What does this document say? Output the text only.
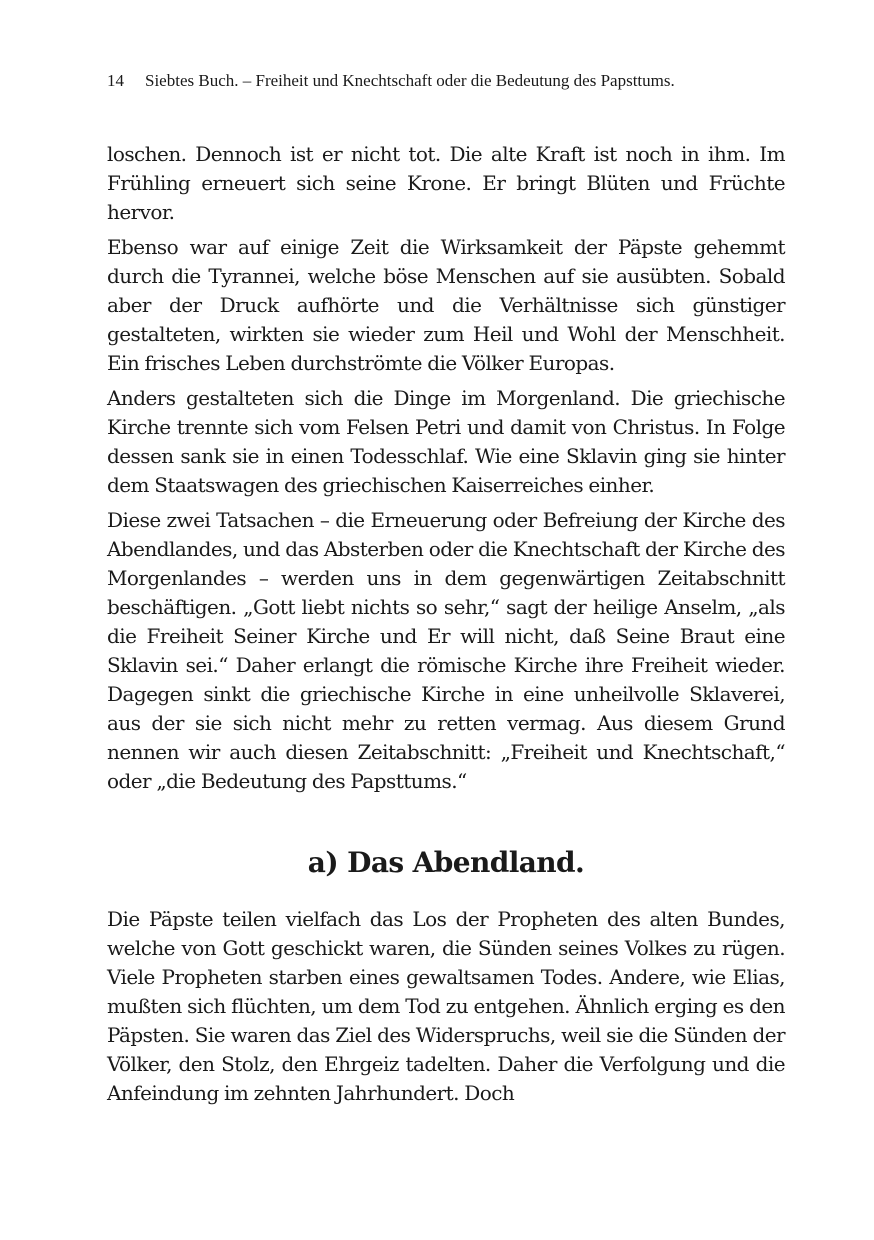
14 Siebtes Buch. – Freiheit und Knechtschaft oder die Bedeutung des Papsttums.

loschen. Dennoch ist er nicht tot. Die alte Kraft ist noch in ihm. Im Frühling erneuert sich seine Krone. Er bringt Blüten und Früchte hervor.

Ebenso war auf einige Zeit die Wirksamkeit der Päpste gehemmt durch die Tyrannei, welche böse Menschen auf sie ausübten. Sobald aber der Druck aufhörte und die Verhältnisse sich günstiger gestalteten, wirkten sie wieder zum Heil und Wohl der Menschheit. Ein frisches Leben durchströmte die Völker Europas.

Anders gestalteten sich die Dinge im Morgenland. Die griechische Kirche trennte sich vom Felsen Petri und damit von Christus. In Folge dessen sank sie in einen Todesschlaf. Wie eine Sklavin ging sie hinter dem Staatswagen des griechischen Kaiserreiches einher.

Diese zwei Tatsachen – die Erneuerung oder Befreiung der Kirche des Abendlandes, und das Absterben oder die Knechtschaft der Kirche des Morgenlandes – werden uns in dem gegenwärtigen Zeitabschnitt beschäftigen. „Gott liebt nichts so sehr,“ sagt der heilige Anselm, „als die Freiheit Seiner Kirche und Er will nicht, daß Seine Braut eine Sklavin sei.“ Daher erlangt die römische Kirche ihre Freiheit wieder. Dagegen sinkt die griechische Kirche in eine unheilvolle Sklaverei, aus der sie sich nicht mehr zu retten vermag. Aus diesem Grund nennen wir auch diesen Zeitabschnitt: „Freiheit und Knechtschaft,“ oder „die Bedeutung des Papsttums.“

a) Das Abendland.

Die Päpste teilen vielfach das Los der Propheten des alten Bundes, welche von Gott geschickt waren, die Sünden seines Volkes zu rügen. Viele Propheten starben eines gewaltsamen Todes. Andere, wie Elias, mußten sich flüchten, um dem Tod zu entgehen. Ähnlich erging es den Päpsten. Sie waren das Ziel des Widerspruchs, weil sie die Sünden der Völker, den Stolz, den Ehrgeiz tadelten. Daher die Verfolgung und die Anfeindung im zehnten Jahrhundert. Doch
